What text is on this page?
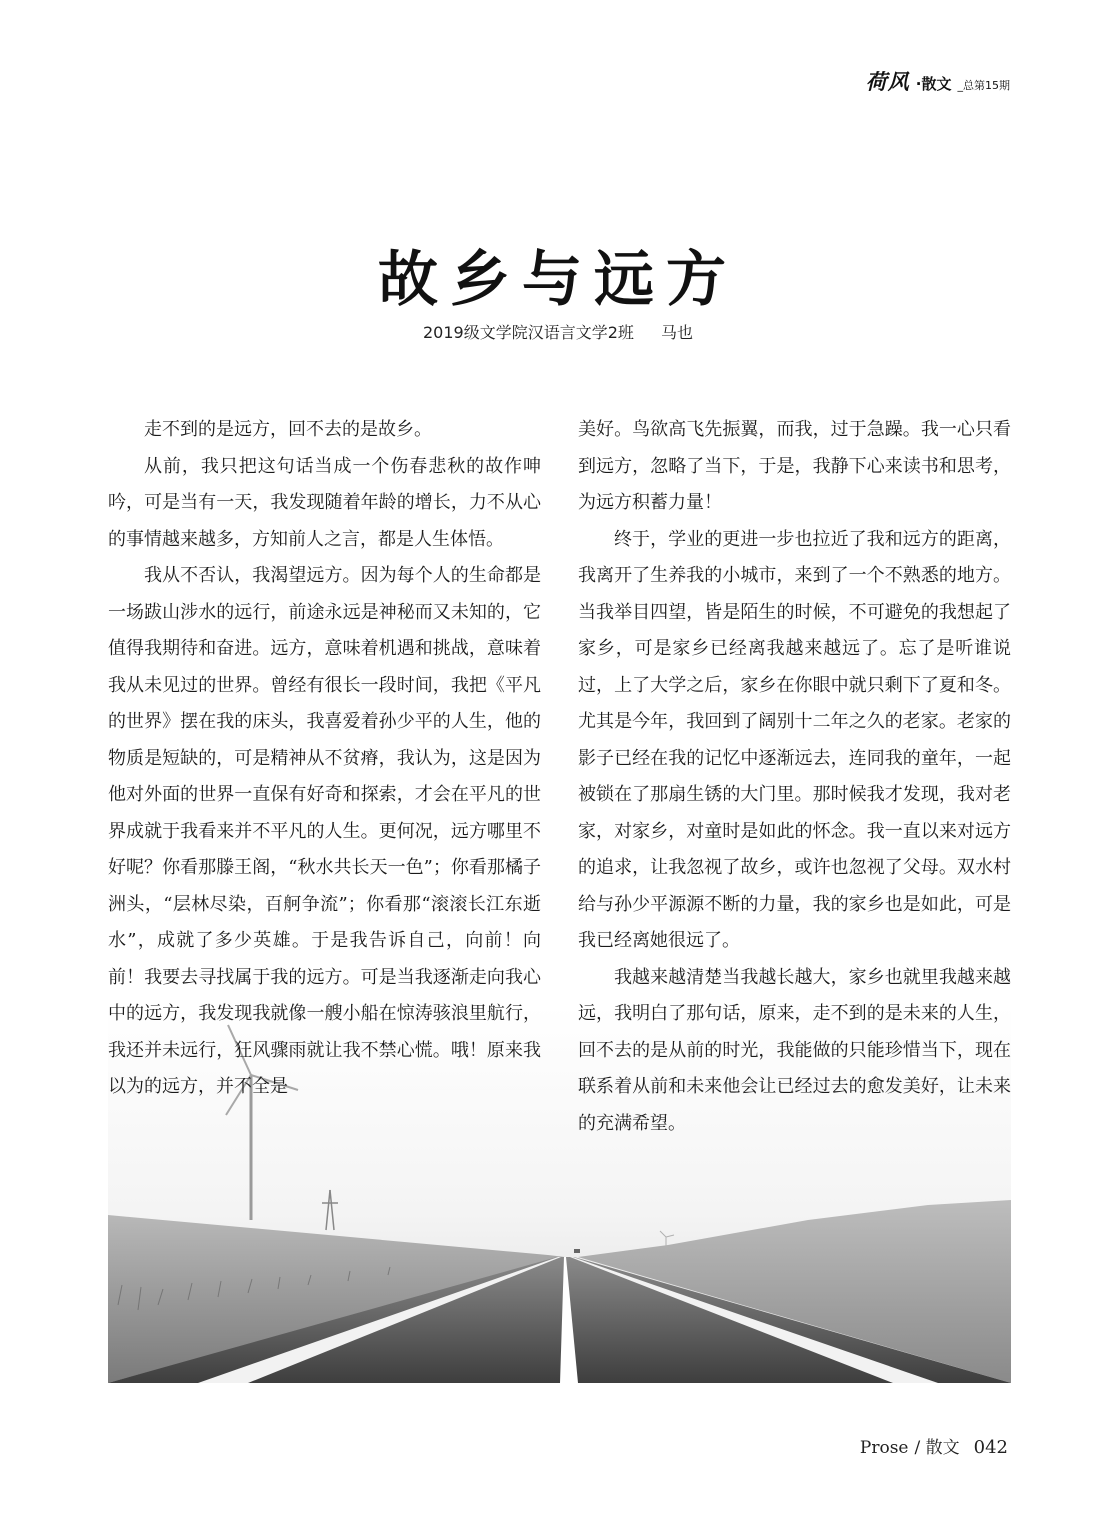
荷风 ·散文 _总第15期
故乡与远方
2019级文学院汉语言文学2班 马也

走不到的是远方，回不去的是故乡。

从前，我只把这句话当成一个伤春悲秋的故作呻吟，可是当有一天，我发现随着年龄的增长，力不从心的事情越来越多，方知前人之言，都是人生体悟。

我从不否认，我渴望远方。因为每个人的生命都是一场跋山涉水的远行，前途永远是神秘而又未知的，它值得我期待和奋进。远方，意味着机遇和挑战，意味着我从未见过的世界。曾经有很长一段时间，我把《平凡的世界》摆在我的床头，我喜爱着孙少平的人生，他的物质是短缺的，可是精神从不贫瘠，我认为，这是因为他对外面的世界一直保有好奇和探索，才会在平凡的世界成就于我看来并不平凡的人生。更何况，远方哪里不好呢？你看那滕王阁，“秋水共长天一色”；你看那橘子洲头，“层林尽染，百舸争流”；你看那“滚滚长江东逝水”，成就了多少英雄。于是我告诉自己，向前！向前！我要去寻找属于我的远方。可是当我逐渐走向我心中的远方，我发现我就像一艘小船在惊涛骇浪里航行，我还并未远行，狂风骤雨就让我不禁心慌。哦！原来我以为的远方，并不全是

美好。鸟欲高飞先振翼，而我，过于急躁。我一心只看到远方，忽略了当下，于是，我静下心来读书和思考，为远方积蓄力量！

终于，学业的更进一步也拉近了我和远方的距离，我离开了生养我的小城市，来到了一个不熟悉的地方。当我举目四望，皆是陌生的时候，不可避免的我想起了家乡，可是家乡已经离我越来越远了。忘了是听谁说过，上了大学之后，家乡在你眼中就只剩下了夏和冬。尤其是今年，我回到了阔别十二年之久的老家。老家的影子已经在我的记忆中逐渐远去，连同我的童年，一起被锁在了那扇生锈的大门里。那时候我才发现，我对老家，对家乡，对童时是如此的怀念。我一直以来对远方的追求，让我忽视了故乡，或许也忽视了父母。双水村给与孙少平源源不断的力量，我的家乡也是如此，可是我已经离她很远了。

我越来越清楚当我越长越大，家乡也就里我越来越远，我明白了那句话，原来，走不到的是未来的人生，回不去的是从前的时光，我能做的只能珍惜当下，现在联系着从前和未来他会让已经过去的愈发美好，让未来的充满希望。

Prose / 散文 042
